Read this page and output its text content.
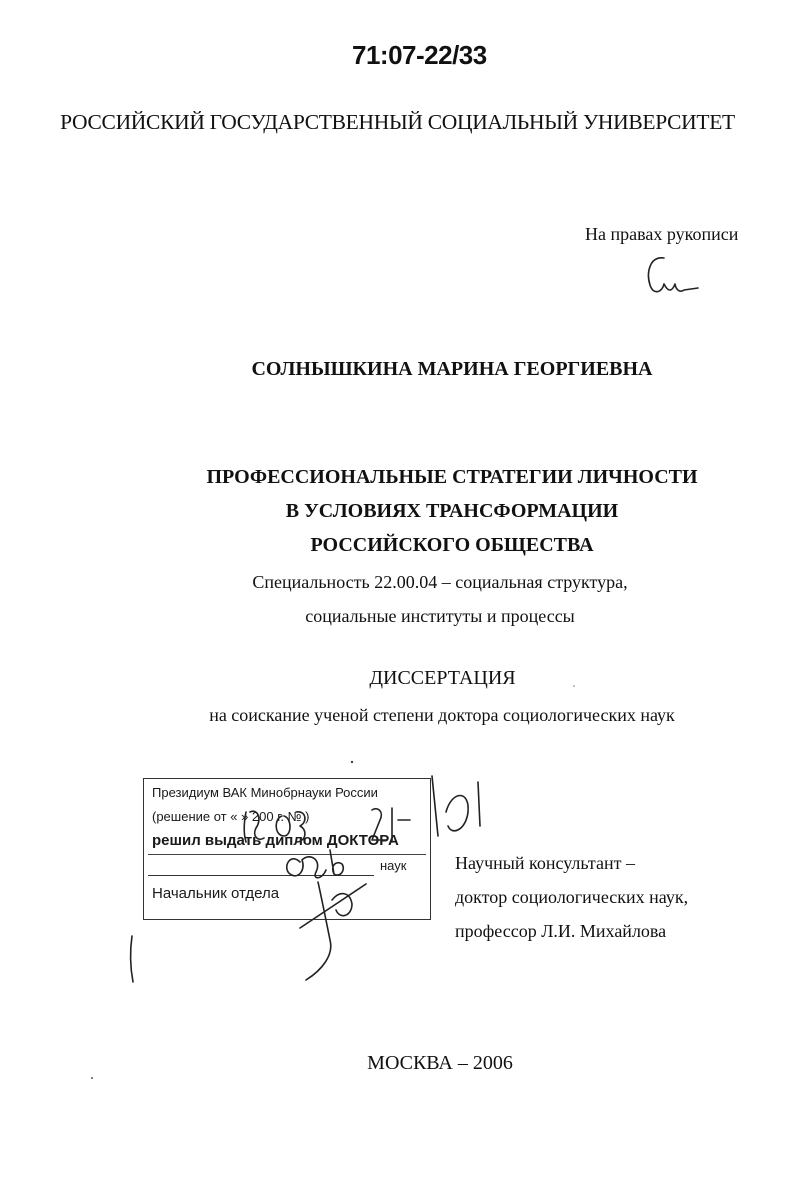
71:07-22/33
РОССИЙСКИЙ ГОСУДАРСТВЕННЫЙ СОЦИАЛЬНЫЙ УНИВЕРСИТЕТ
На правах рукописи
СОЛНЫШКИНА МАРИНА ГЕОРГИЕВНА
ПРОФЕССИОНАЛЬНЫЕ СТРАТЕГИИ ЛИЧНОСТИ
В УСЛОВИЯХ ТРАНСФОРМАЦИИ
РОССИЙСКОГО ОБЩЕСТВА
Специальность 22.00.04 – социальная структура,
социальные институты и процессы
ДИССЕРТАЦИЯ
на соискание ученой степени доктора социологических наук
Президиум ВАК Минобрнауки России
(решение от « » 200 г. № )
решил выдать диплом ДОКТОРА
наук
Начальник отдела
Научный консультант –
доктор социологических наук,
профессор Л.И. Михайлова
МОСКВА – 2006
